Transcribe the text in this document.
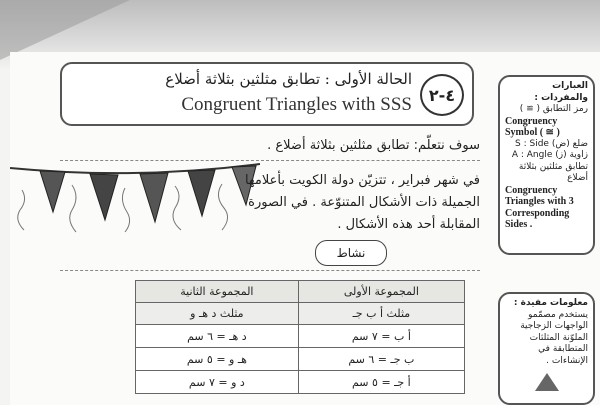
العبارات والمفردات :
رمز التطابق ( ≅ )
Congruency Symbol ( ≅ )
ضلع (ض) S : Side
زاوية (ز) A : Angle
تطابق مثلثين بثلاثة أضلاع
Congruency Triangles with 3 Corresponding Sides .
معلومات مفيدة :
يستخدم مصمّمو الواجهات الزجاجية الملوّنة المثلثات المتطابقة في الإنشاءات .
٤-٢
الحالة الأولى : تطابق مثلثين بثلاثة أضلاع
Congruent Triangles with SSS
سوف نتعلّم: تطابق مثلثين بثلاثة أضلاع .
في شهر فبراير ، تتزيّن دولة الكويت بأعلامها الجميلة ذات الأشكال المتنوّعة . في الصورة المقابلة أحد هذه الأشكال .
نشاط
المجموعة الأولى	المجموعة الثانية
مثلث أ ب جـ	مثلث د هـ و
أ ب = ٧ سم	د هـ = ٦ سم
ب جـ = ٦ سم	هـ و = ٥ سم
أ جـ = ٥ سم	د و = ٧ سم
